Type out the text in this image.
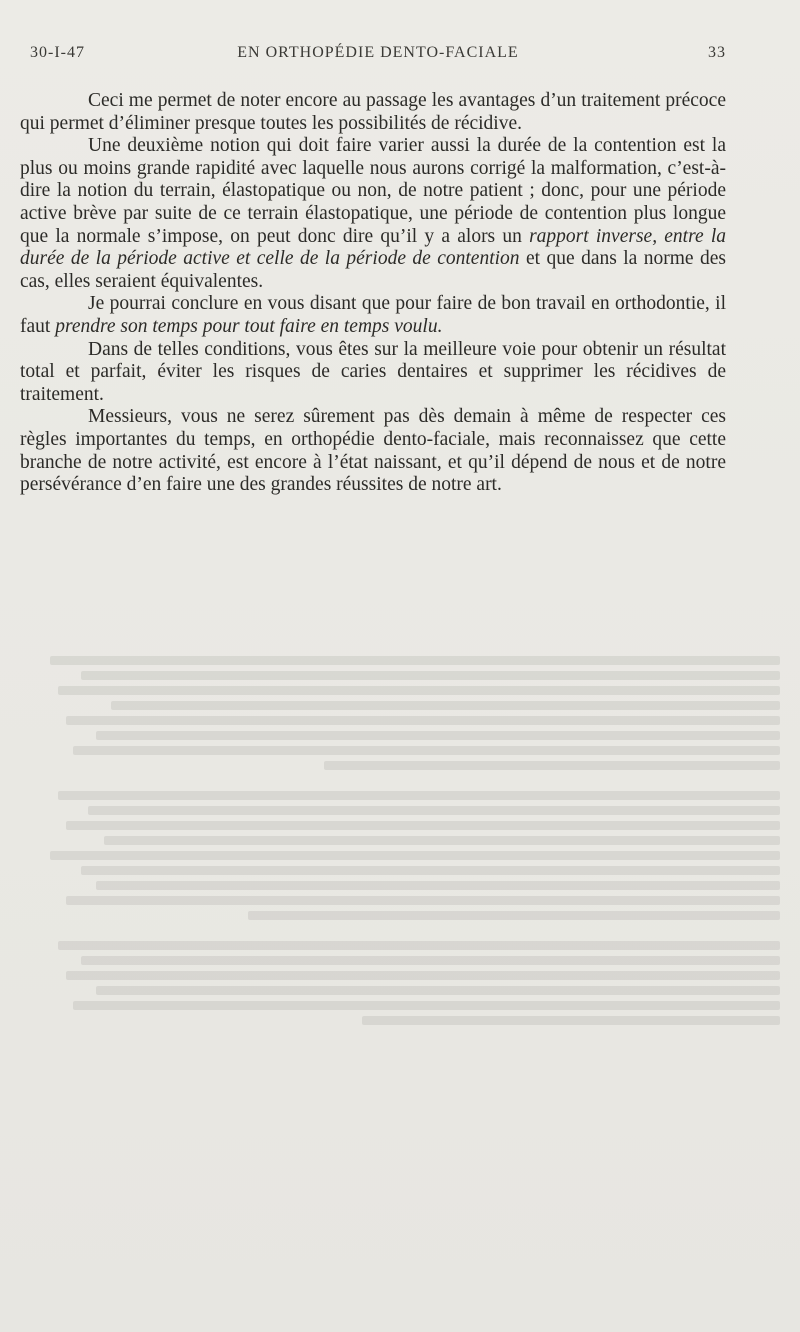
30-I-47	EN ORTHOPÉDIE DENTO-FACIALE	33

Ceci me permet de noter encore au passage les avantages d’un traitement précoce qui permet d’éliminer presque toutes les possibilités de récidive.

Une deuxième notion qui doit faire varier aussi la durée de la contention est la plus ou moins grande rapidité avec laquelle nous aurons corrigé la malformation, c’est-à-dire la notion du terrain, élastopatique ou non, de notre patient ; donc, pour une période active brève par suite de ce terrain élastopatique, une période de contention plus longue que la normale s’impose, on peut donc dire qu’il y a alors un rapport inverse, entre la durée de la période active et celle de la période de contention et que dans la norme des cas, elles seraient équivalentes.

Je pourrai conclure en vous disant que pour faire de bon travail en orthodontie, il faut prendre son temps pour tout faire en temps voulu.

Dans de telles conditions, vous êtes sur la meilleure voie pour obtenir un résultat total et parfait, éviter les risques de caries dentaires et supprimer les récidives de traitement.

Messieurs, vous ne serez sûrement pas dès demain à même de respecter ces règles importantes du temps, en orthopédie dento-faciale, mais reconnaissez que cette branche de notre activité, est encore à l’état naissant, et qu’il dépend de nous et de notre persévérance d’en faire une des grandes réussites de notre art.
